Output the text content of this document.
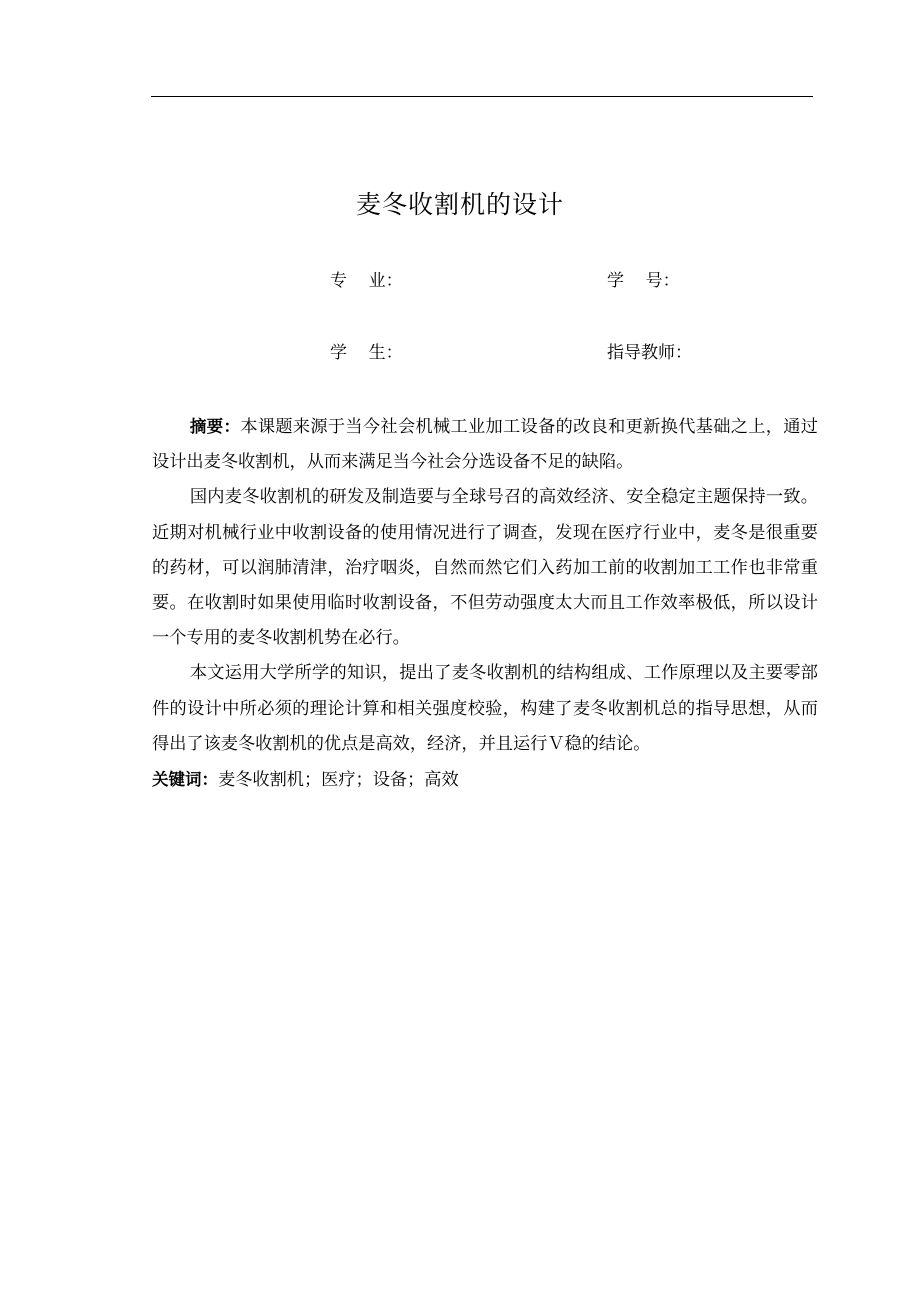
麦冬收割机的设计
专    业：	学    号：
学    生：	指导教师：

摘要：本课题来源于当今社会机械工业加工设备的改良和更新换代基础之上，通过设计出麦冬收割机，从而来满足当今社会分选设备不足的缺陷。

国内麦冬收割机的研发及制造要与全球号召的高效经济、安全稳定主题保持一致。近期对机械行业中收割设备的使用情况进行了调查，发现在医疗行业中，麦冬是很重要的药材，可以润肺清津，治疗咽炎，自然而然它们入药加工前的收割加工工作也非常重要。在收割时如果使用临时收割设备，不但劳动强度太大而且工作效率极低，所以设计一个专用的麦冬收割机势在必行。

本文运用大学所学的知识，提出了麦冬收割机的结构组成、工作原理以及主要零部件的设计中所必须的理论计算和相关强度校验，构建了麦冬收割机总的指导思想，从而得出了该麦冬收割机的优点是高效，经济，并且运行Ｖ稳的结论。

关键词：麦冬收割机；医疗；设备；高效
